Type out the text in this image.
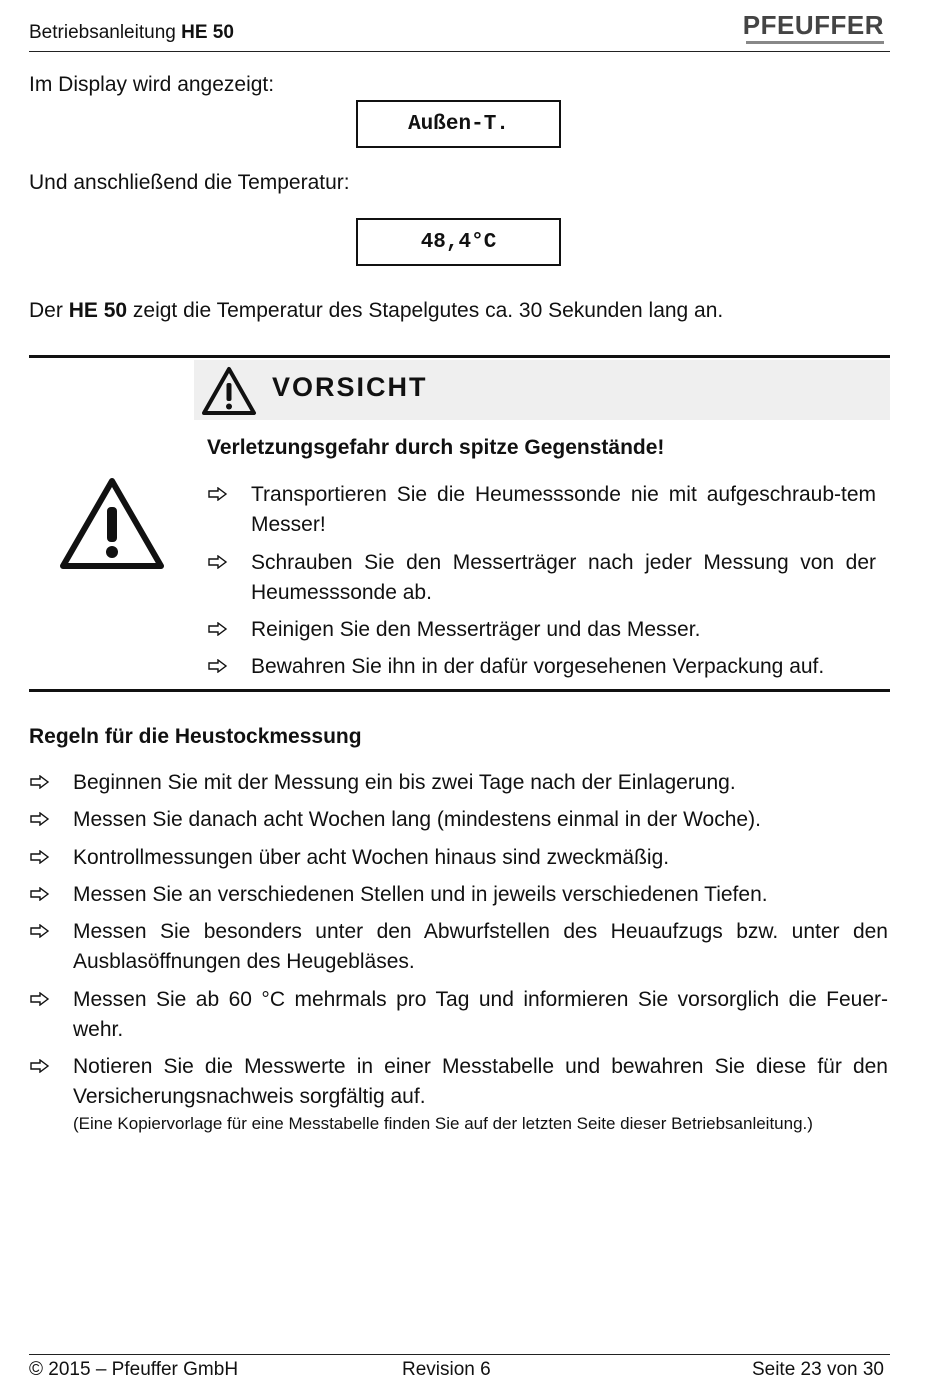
Betriebsanleitung HE 50	PFEUFFER
Im Display wird angezeigt:
Außen-T.
Und anschließend die Temperatur:
48,4°C
Der HE 50 zeigt die Temperatur des Stapelgutes ca. 30 Sekunden lang an.
VORSICHT
Verletzungsgefahr durch spitze Gegenstände!
Transportieren Sie die Heumesssonde nie mit aufgeschraub-tem Messer!
Schrauben Sie den Messerträger nach jeder Messung von der Heumesssonde ab.
Reinigen Sie den Messerträger und das Messer.
Bewahren Sie ihn in der dafür vorgesehenen Verpackung auf.
Regeln für die Heustockmessung
Beginnen Sie mit der Messung ein bis zwei Tage nach der Einlagerung.
Messen Sie danach acht Wochen lang (mindestens einmal in der Woche).
Kontrollmessungen über acht Wochen hinaus sind zweckmäßig.
Messen Sie an verschiedenen Stellen und in jeweils verschiedenen Tiefen.
Messen Sie besonders unter den Abwurfstellen des Heuaufzugs bzw. unter den Ausblasöffnungen des Heugebläses.
Messen Sie ab 60 °C mehrmals pro Tag und informieren Sie vorsorglich die Feuer-wehr.
Notieren Sie die Messwerte in einer Messtabelle und bewahren Sie diese für den Versicherungsnachweis sorgfältig auf.
(Eine Kopiervorlage für eine Messtabelle finden Sie auf der letzten Seite dieser Betriebsanleitung.)
© 2015 – Pfeuffer GmbH	Revision 6	Seite 23 von 30
